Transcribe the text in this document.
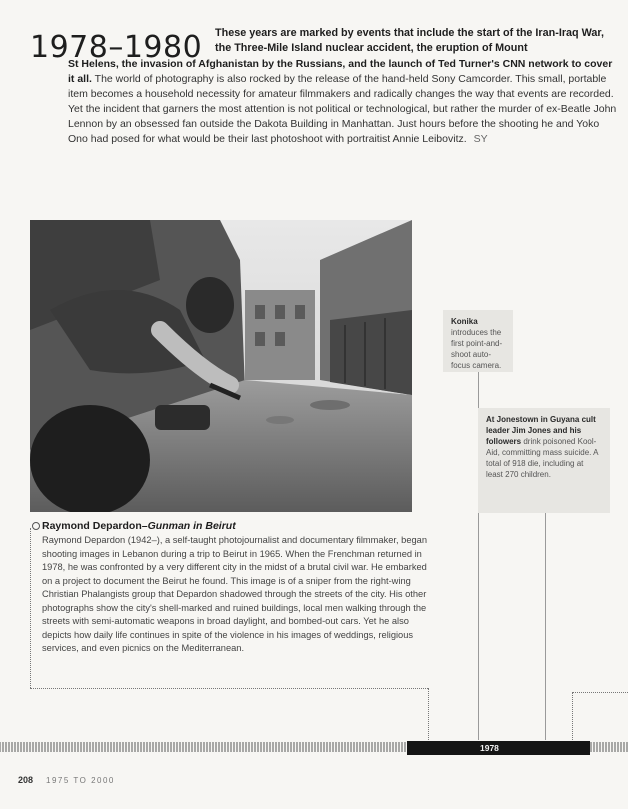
1978–1980 These years are marked by events that include the start of the Iran-Iraq War, the Three-Mile Island nuclear accident, the eruption of Mount
St Helens, the invasion of Afghanistan by the Russians, and the launch of Ted Turner's CNN network to cover it all. The world of photography is also rocked by the release of the hand-held Sony Camcorder. This small, portable item becomes a household necessity for amateur filmmakers and radically changes the way that events are recorded. Yet the incident that garners the most attention is not political or technological, but rather the murder of ex-Beatle John Lennon by an obsessed fan outside the Dakota Building in Manhattan. Just hours before the shooting he and Yoko Ono had posed for what would be their last photoshoot with portraitist Annie Leibovitz. SY
Raymond Depardon–Gunman in Beirut
Raymond Depardon (1942–), a self-taught photojournalist and documentary filmmaker, began shooting images in Lebanon during a trip to Beirut in 1965. When the Frenchman returned in 1978, he was confronted by a very different city in the midst of a brutal civil war. He embarked on a project to document the Beirut he found. This image is of a sniper from the right-wing Christian Phalangists group that Depardon shadowed through the streets of the city. His other photographs show the city's shell-marked and ruined buildings, local men walking through the streets with semi-automatic weapons in broad daylight, and bombed-out cars. Yet he also depicts how daily life continues in spite of the violence in his images of weddings, religious services, and even picnics on the Mediterranean.
Konika introduces the first point-and-shoot auto-focus camera.
At Jonestown in Guyana cult leader Jim Jones and his followers drink poisoned Kool-Aid, committing mass suicide. A total of 918 die, including at least 270 children.
1978
208 1975 TO 2000
